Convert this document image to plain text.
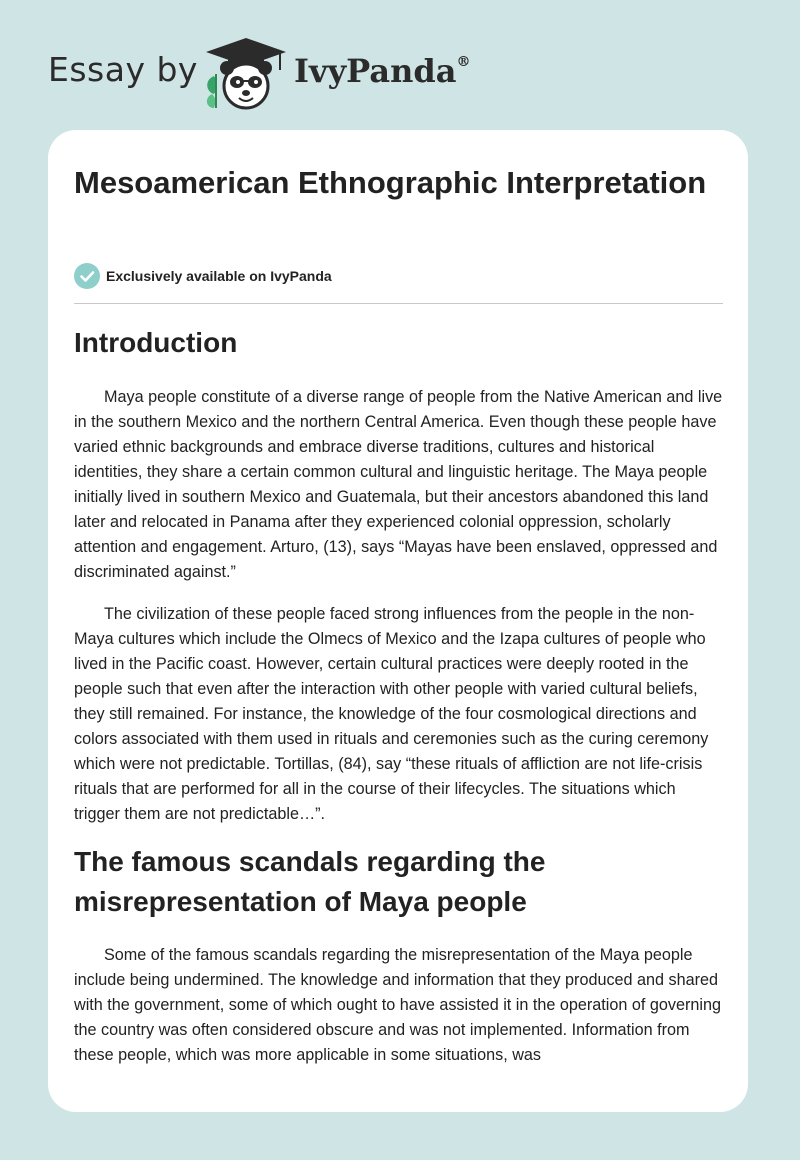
Essay by	IvyPanda®
Mesoamerican Ethnographic Interpretation
Exclusively available on IvyPanda
Introduction

Maya people constitute of a diverse range of people from the Native American and live in the southern Mexico and the northern Central America. Even though these people have varied ethnic backgrounds and embrace diverse traditions, cultures and historical identities, they share a certain common cultural and linguistic heritage. The Maya people initially lived in southern Mexico and Guatemala, but their ancestors abandoned this land later and relocated in Panama after they experienced colonial oppression, scholarly attention and engagement. Arturo, (13), says “Mayas have been enslaved, oppressed and discriminated against.”

The civilization of these people faced strong influences from the people in the non-Maya cultures which include the Olmecs of Mexico and the Izapa cultures of people who lived in the Pacific coast. However, certain cultural practices were deeply rooted in the people such that even after the interaction with other people with varied cultural beliefs, they still remained. For instance, the knowledge of the four cosmological directions and colors associated with them used in rituals and ceremonies such as the curing ceremony which were not predictable. Tortillas, (84), say “these rituals of affliction are not life-crisis rituals that are performed for all in the course of their lifecycles. The situations which trigger them are not predictable…”.

The famous scandals regarding the misrepresentation of Maya people

Some of the famous scandals regarding the misrepresentation of the Maya people include being undermined. The knowledge and information that they produced and shared with the government, some of which ought to have assisted it in the operation of governing the country was often considered obscure and was not implemented. Information from these people, which was more applicable in some situations, was
